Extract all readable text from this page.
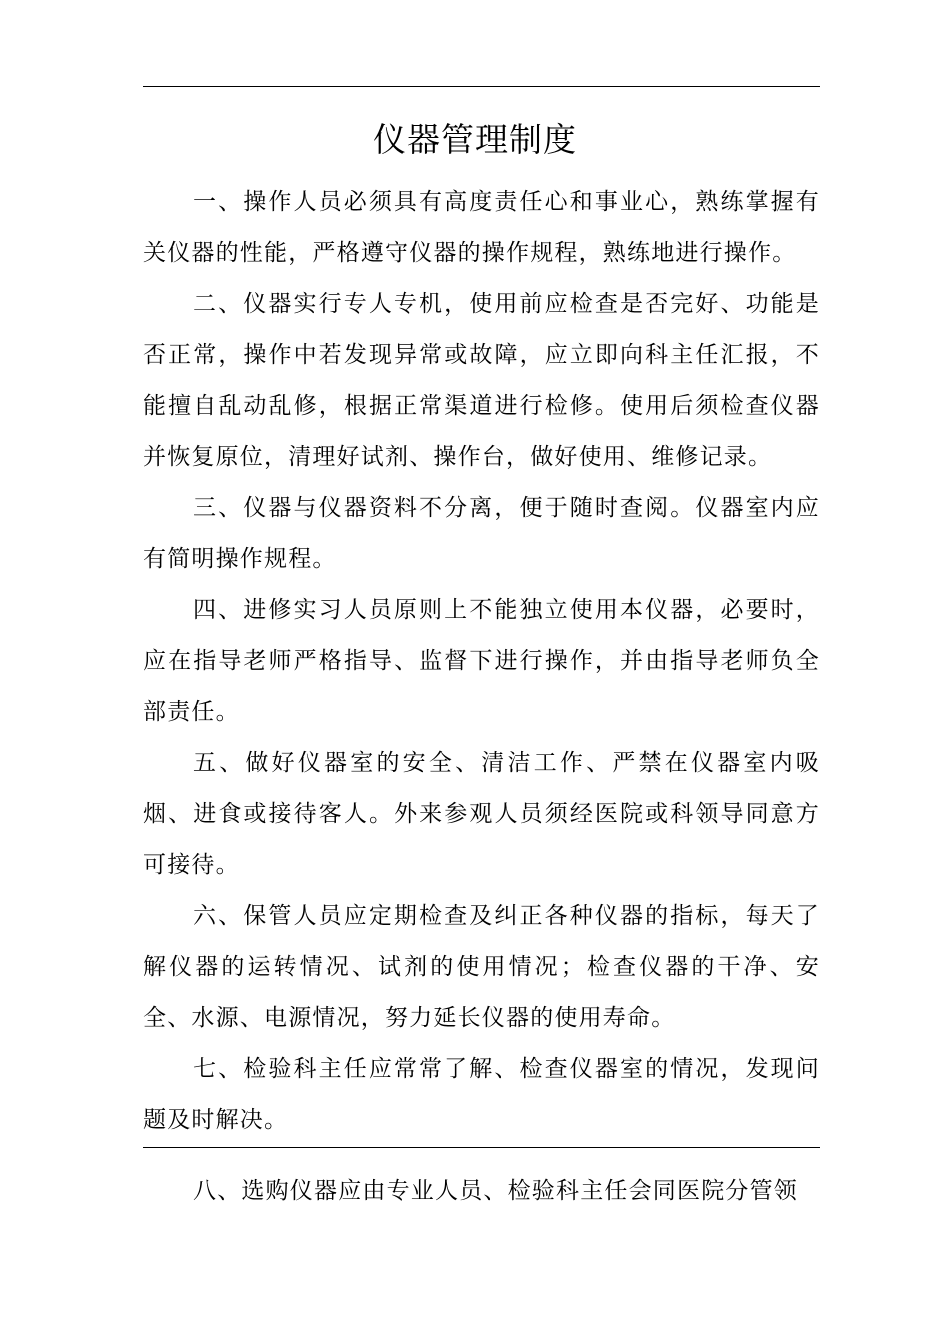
仪器管理制度

一、操作人员必须具有高度责任心和事业心，熟练掌握有关仪器的性能，严格遵守仪器的操作规程，熟练地进行操作。

二、仪器实行专人专机，使用前应检查是否完好、功能是否正常，操作中若发现异常或故障，应立即向科主任汇报，不能擅自乱动乱修，根据正常渠道进行检修。使用后须检查仪器并恢复原位，清理好试剂、操作台，做好使用、维修记录。

三、仪器与仪器资料不分离，便于随时查阅。仪器室内应有简明操作规程。

四、进修实习人员原则上不能独立使用本仪器，必要时，应在指导老师严格指导、监督下进行操作，并由指导老师负全部责任。

五、做好仪器室的安全、清洁工作、严禁在仪器室内吸烟、进食或接待客人。外来参观人员须经医院或科领导同意方可接待。

六、保管人员应定期检查及纠正各种仪器的指标，每天了解仪器的运转情况、试剂的使用情况；检查仪器的干净、安全、水源、电源情况，努力延长仪器的使用寿命。

七、检验科主任应常常了解、检查仪器室的情况，发现问题及时解决。

八、选购仪器应由专业人员、检验科主任会同医院分管领
